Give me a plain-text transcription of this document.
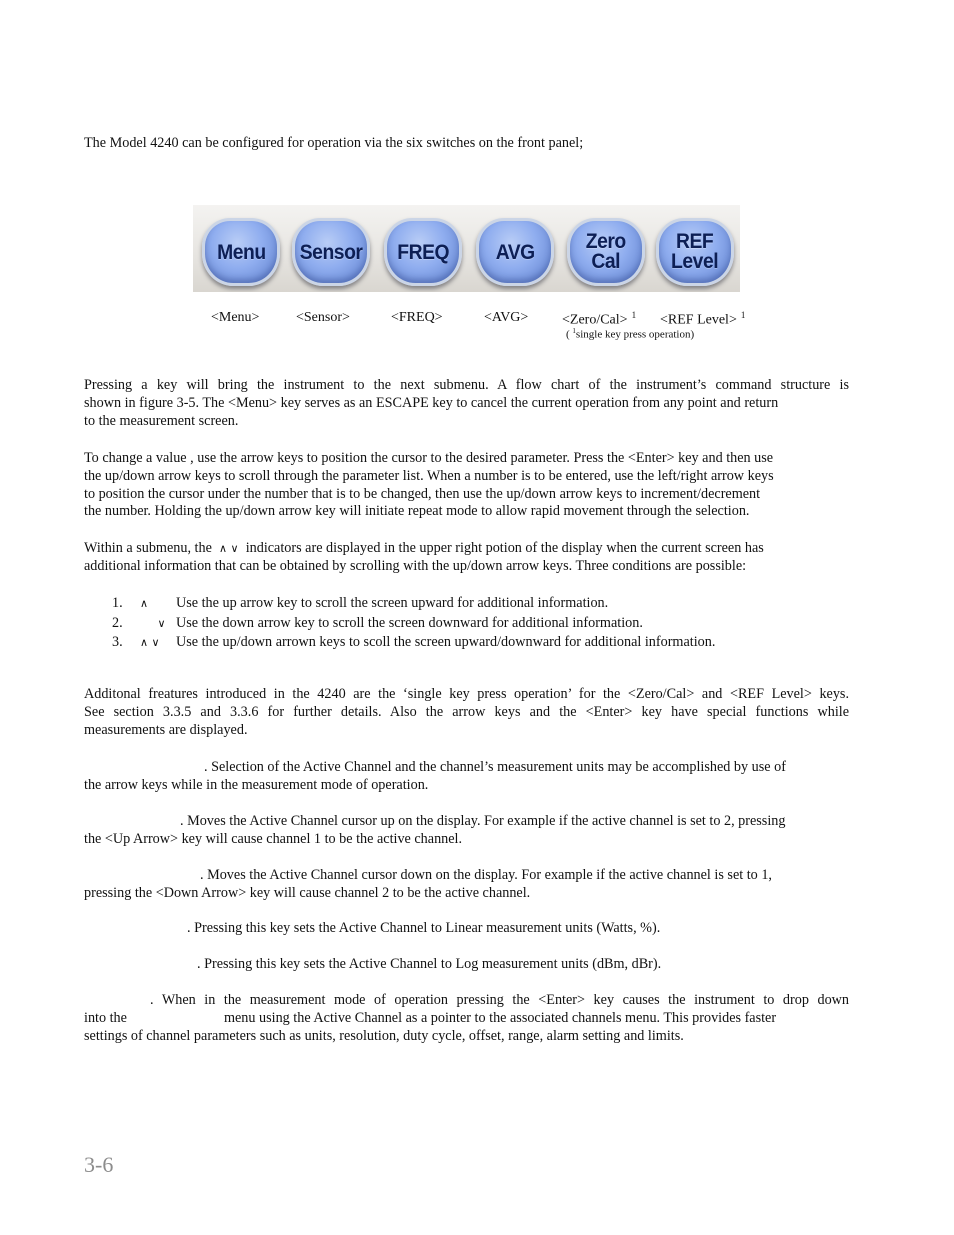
The Model 4240 can be configured for operation via the six switches on the front panel;
Menu Sensor FREQ AVG Zero
Cal
REF
Level
<Menu>	<Sensor>	<FREQ>	<AVG> <Zero/Cal> $^1$ <REF Level> $^1$
( $^1$single key press operation)
Pressing a key will bring the instrument to the next submenu. A flow chart of the instrument’s command structure is
shown in figure 3-5. The <Menu> key serves as an ESCAPE key to cancel the current operation from any point and return
to the measurement screen.
To change a value , use the arrow keys to position the cursor to the desired parameter. Press the <Enter> key and then use
the up/down arrow keys to scroll through the parameter list. When a number is to be entered, use the left/right arrow keys
to position the cursor under the number that is to be changed, then use the up/down arrow keys to increment/decrement
the number. Holding the up/down arrow key will initiate repeat mode to allow rapid movement through the selection.
Within a submenu, the ∧ ∨ indicators are displayed in the upper right potion of the display when the current screen has
additional information that can be obtained by scrolling with the up/down arrow keys. Three conditions are possible:
1. ∧ Use the up arrow key to scroll the screen upward for additional information.
2. ∨ Use the down arrow key to scroll the screen downward for additional information.
3. ∧ ∨ Use the up/down arrown keys to scoll the screen upward/downward for additional information.
Additonal freatures introduced in the 4240 are the ‘single key press operation’ for the <Zero/Cal> and <REF Level> keys.
See section 3.3.5 and 3.3.6 for further details. Also the arrow keys and the <Enter> key have special functions while
measurements are displayed.
. Selection of the Active Channel and the channel’s measurement units may be accomplished by use of
the arrow keys while in the measurement mode of operation.
. Moves the Active Channel cursor up on the display. For example if the active channel is set to 2, pressing
the <Up Arrow> key will cause channel 1 to be the active channel.
. Moves the Active Channel cursor down on the display. For example if the active channel is set to 1,
pressing the <Down Arrow> key will cause channel 2 to be the active channel.
. Pressing this key sets the Active Channel to Linear measurement units (Watts, %).
. Pressing this key sets the Active Channel to Log measurement units (dBm, dBr).
. When in the measurement mode of operation pressing the <Enter> key causes the instrument to drop down
into the	menu using the Active Channel as a pointer to the associated channels menu. This provides faster
settings of channel parameters such as units, resolution, duty cycle, offset, range, alarm setting and limits.
3-6
